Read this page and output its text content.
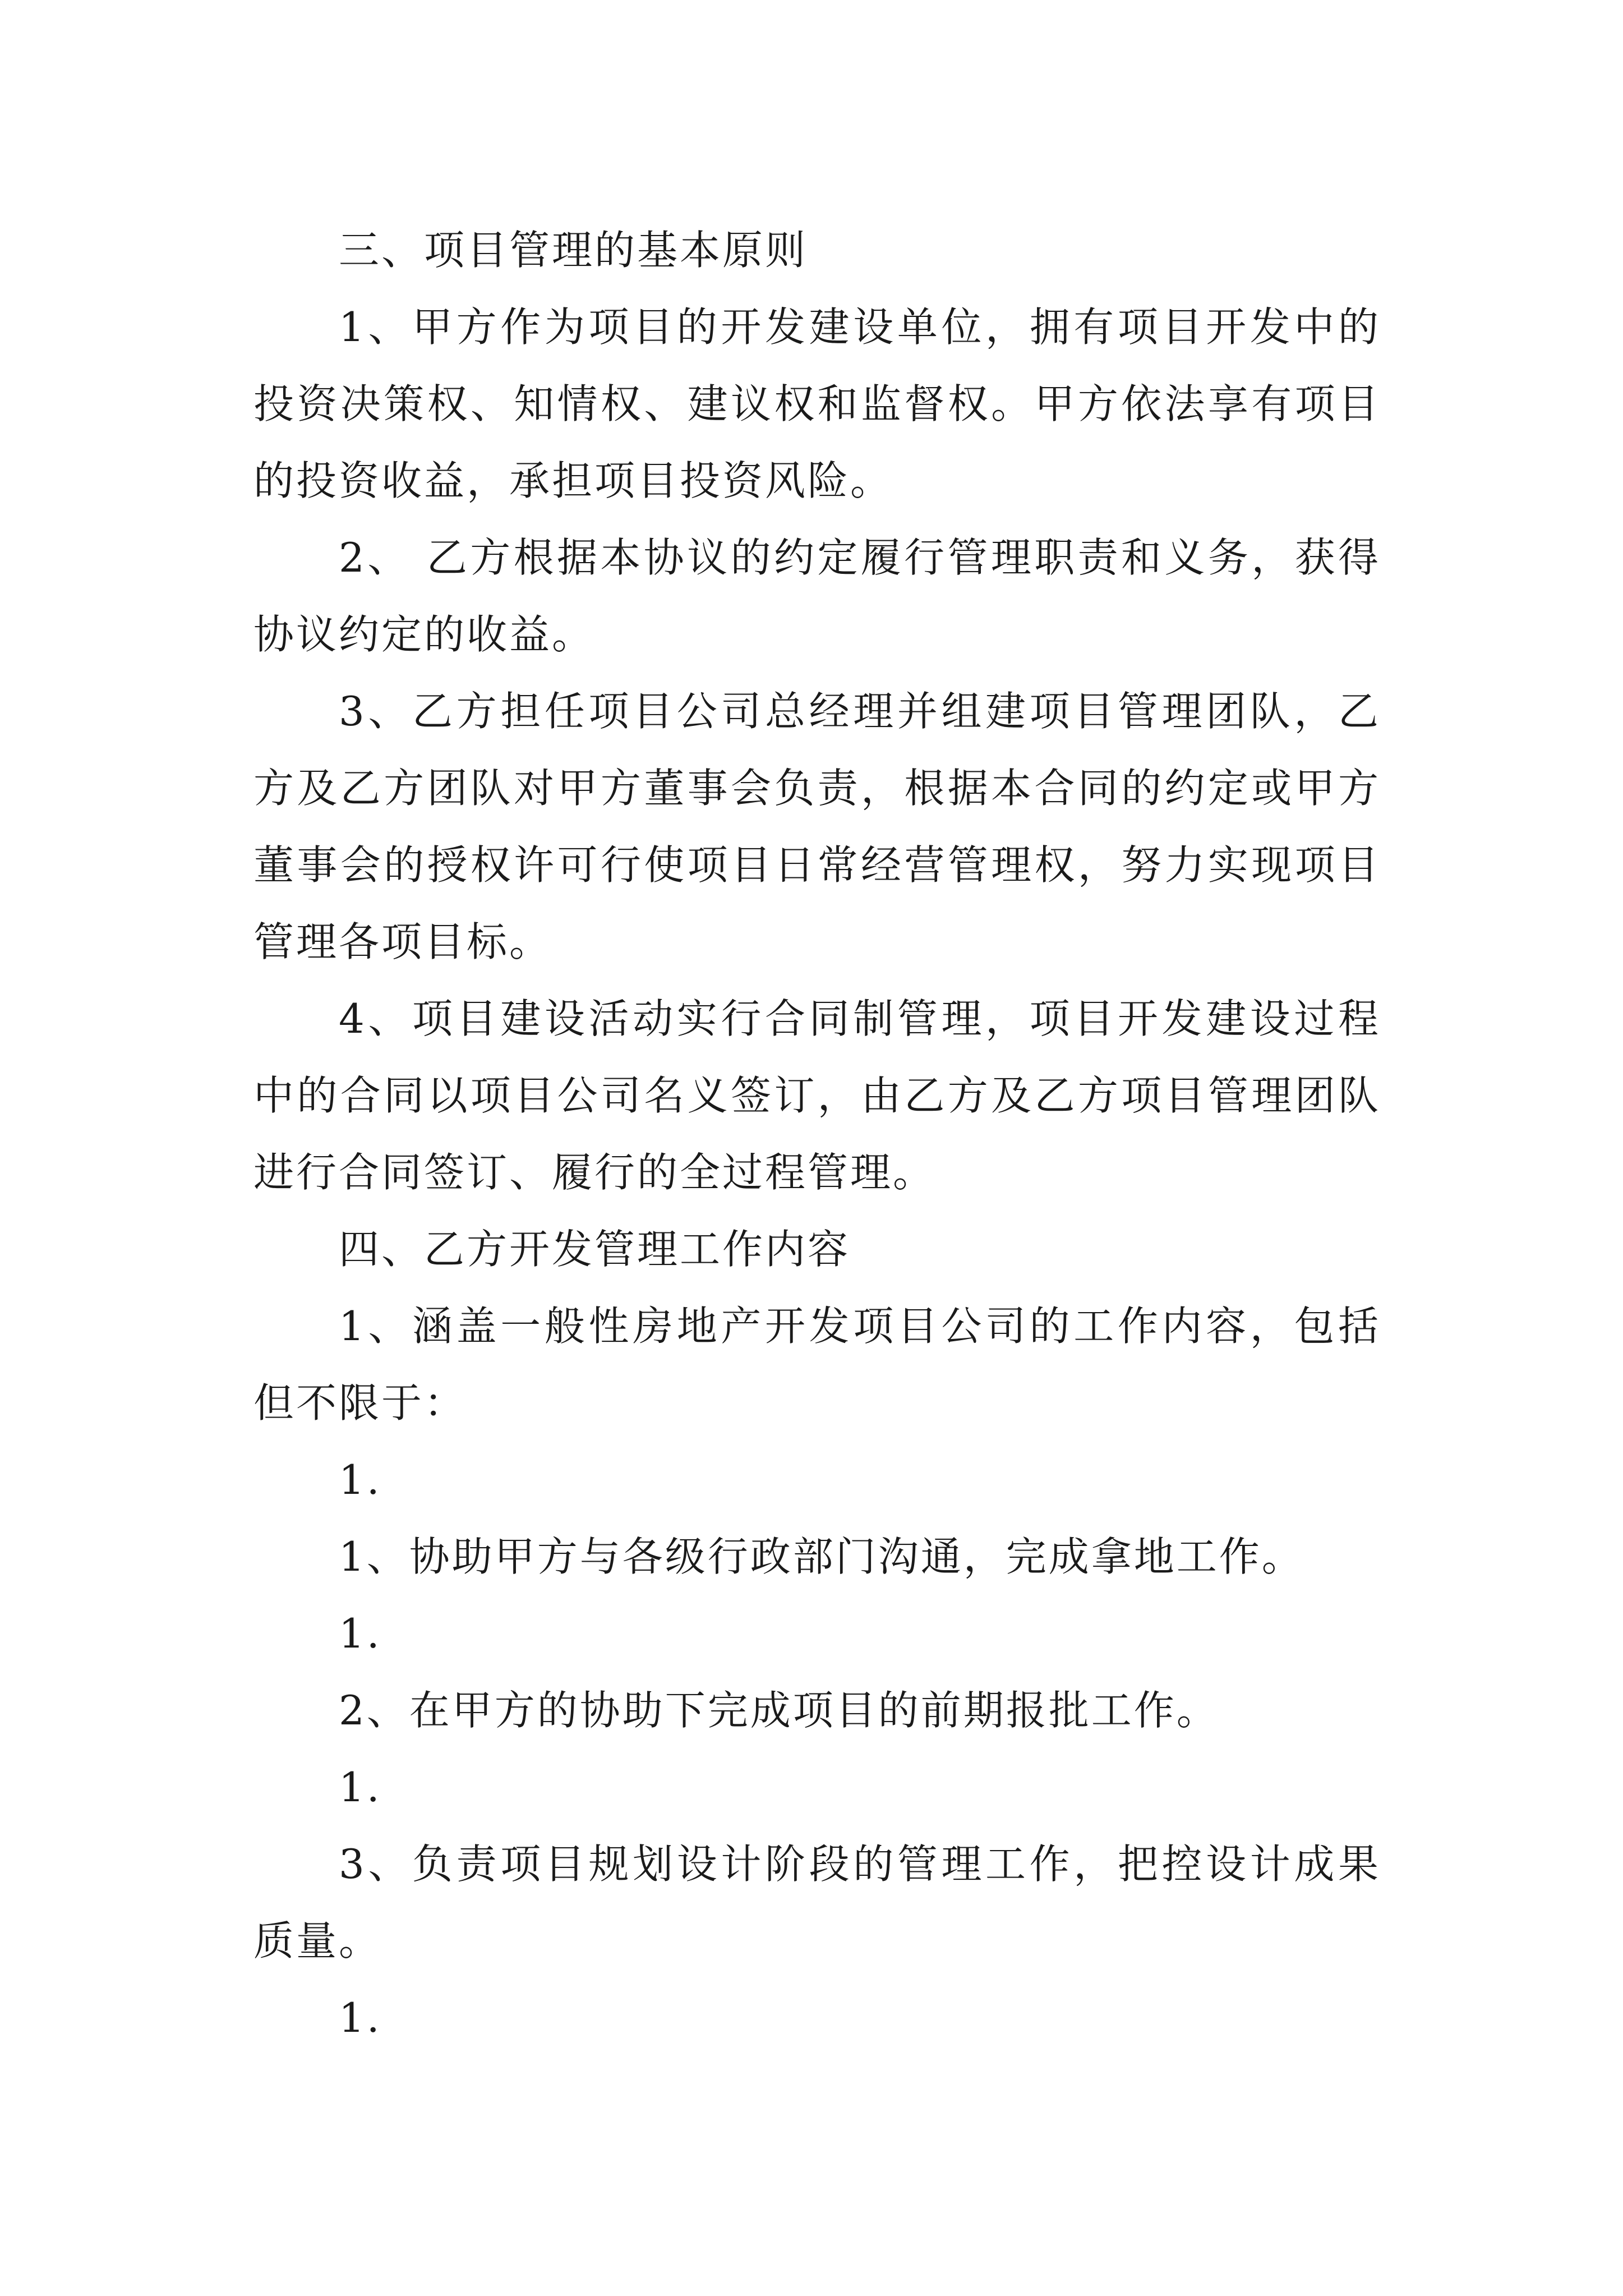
三、项目管理的基本原则

1、甲方作为项目的开发建设单位，拥有项目开发中的投资决策权、知情权、建议权和监督权。甲方依法享有项目的投资收益，承担项目投资风险。

2、 乙方根据本协议的约定履行管理职责和义务，获得协议约定的收益。

3、乙方担任项目公司总经理并组建项目管理团队，乙方及乙方团队对甲方董事会负责，根据本合同的约定或甲方董事会的授权许可行使项目日常经营管理权，努力实现项目管理各项目标。

4、项目建设活动实行合同制管理，项目开发建设过程中的合同以项目公司名义签订，由乙方及乙方项目管理团队进行合同签订、履行的全过程管理。

四、乙方开发管理工作内容

1、涵盖一般性房地产开发项目公司的工作内容，包括但不限于：

1.

1、协助甲方与各级行政部门沟通，完成拿地工作。

1.

2、在甲方的协助下完成项目的前期报批工作。

1.

3、负责项目规划设计阶段的管理工作，把控设计成果质量。

1.
